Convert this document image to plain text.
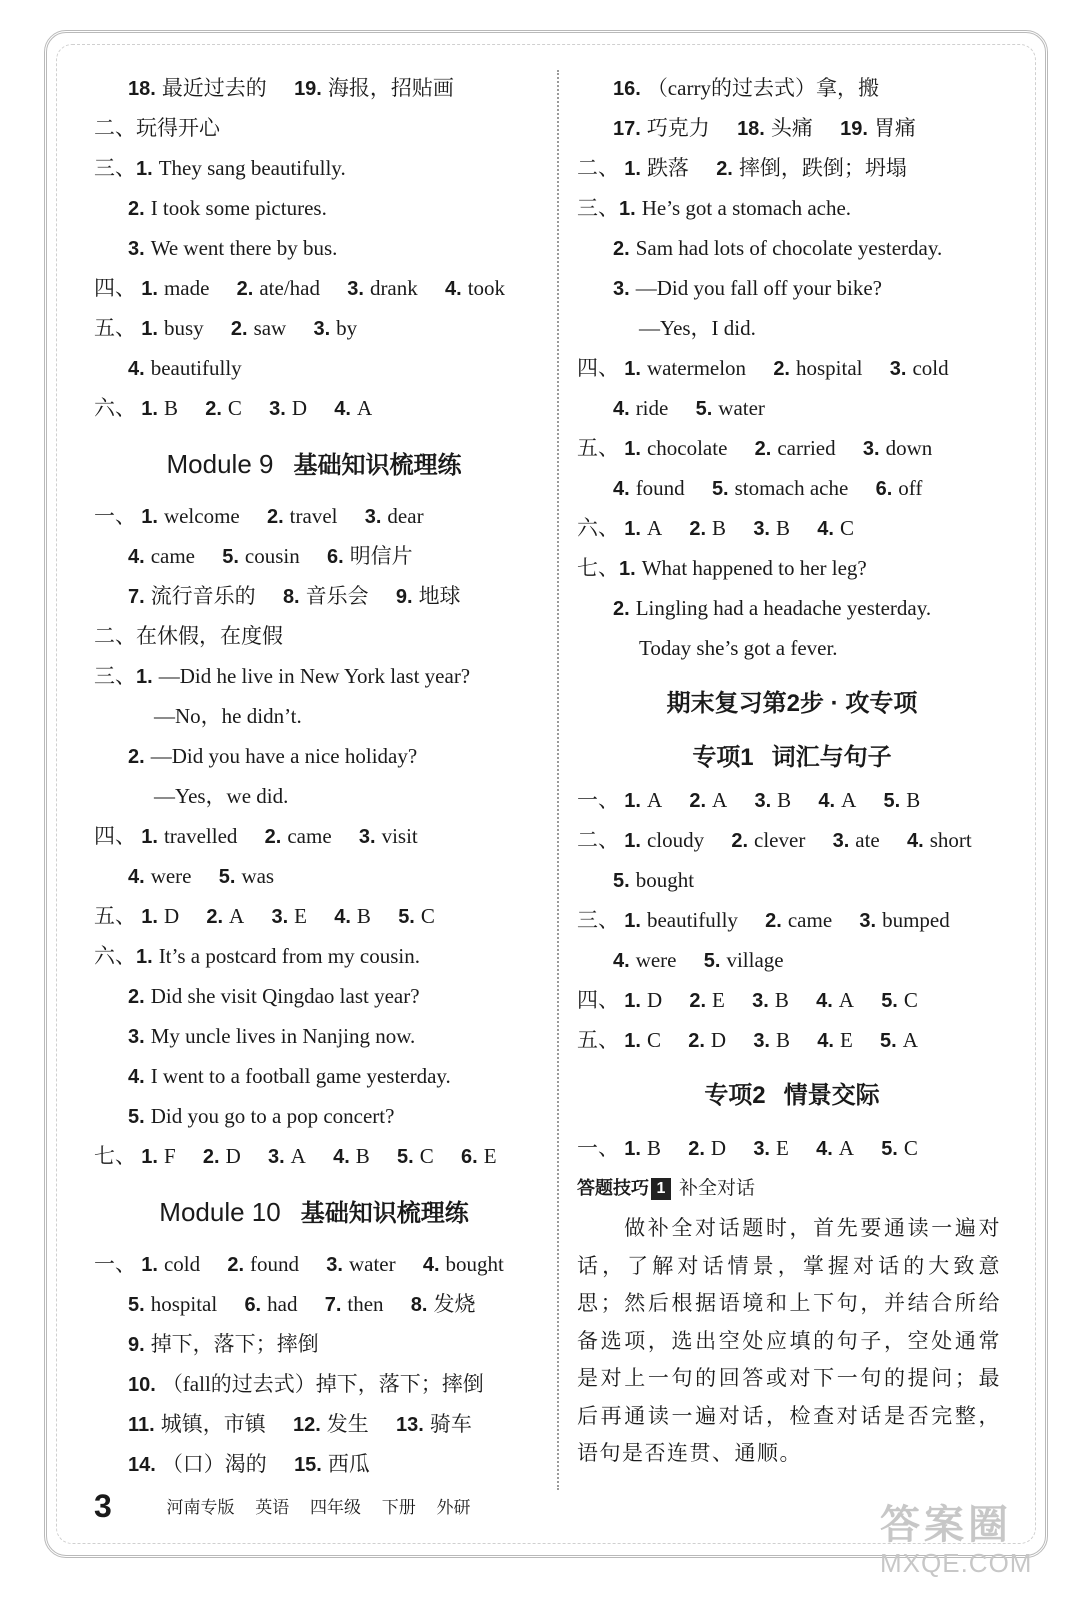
18. 最近过去的 19. 海报，招贴画
二、玩得开心
三、1. They sang beautifully.
2. I took some pictures.
3. We went there by bus.
四、 1. made 2. ate/had 3. drank 4. took
五、 1. busy 2. saw 3. by
4. beautifully
六、 1. B 2. C 3. D 4. A
Module 9 基础知识梳理练
一、 1. welcome 2. travel 3. dear
4. came 5. cousin 6. 明信片
7. 流行音乐的 8. 音乐会 9. 地球
二、在休假，在度假
三、1. —Did he live in New York last year?
—No，he didn’t.
2. —Did you have a nice holiday?
—Yes，we did.
四、 1. travelled 2. came 3. visit
4. were 5. was
五、 1. D 2. A 3. E 4. B 5. C
六、1. It’s a postcard from my cousin.
2. Did she visit Qingdao last year?
3. My uncle lives in Nanjing now.
4. I went to a football game yesterday.
5. Did you go to a pop concert?
七、 1. F 2. D 3. A 4. B 5. C 6. E
Module 10 基础知识梳理练
一、 1. cold 2. found 3. water 4. bought
5. hospital 6. had 7. then 8. 发烧
9. 掉下，落下；摔倒
10. （fall的过去式）掉下，落下；摔倒
11. 城镇，市镇 12. 发生 13. 骑车
14. （口）渴的 15. 西瓜
16. （carry的过去式）拿，搬
17. 巧克力 18. 头痛 19. 胃痛
二、 1. 跌落 2. 摔倒，跌倒；坍塌
三、1. He’s got a stomach ache.
2. Sam had lots of chocolate yesterday.
3. —Did you fall off your bike?
—Yes，I did.
四、 1. watermelon 2. hospital 3. cold
4. ride 5. water
五、 1. chocolate 2. carried 3. down
4. found 5. stomach ache 6. off
六、 1. A 2. B 3. B 4. C
七、1. What happened to her leg?
2. Lingling had a headache yesterday.
Today she’s got a fever.
期末复习第2步 · 攻专项
专项1 词汇与句子
一、 1. A 2. A 3. B 4. A 5. B
二、 1. cloudy 2. clever 3. ate 4. short
5. bought
三、 1. beautifully 2. came 3. bumped
4. were 5. village
四、 1. D 2. E 3. B 4. A 5. C
五、 1. C 2. D 3. B 4. E 5. A
专项2 情景交际
一、 1. B 2. D 3. E 4. A 5. C
答题技巧 1 补全对话
做补全对话题时，首先要通读一遍对话，了解对话情景，掌握对话的大致意思；然后根据语境和上下句，并结合所给备选项，选出空处应填的句子，空处通常是对上一句的回答或对下一句的提问；最后再通读一遍对话，检查对话是否完整，语句是否连贯、通顺。
3	河南专版 英语 四年级 下册 外研	答案圈
MXQE.COM
